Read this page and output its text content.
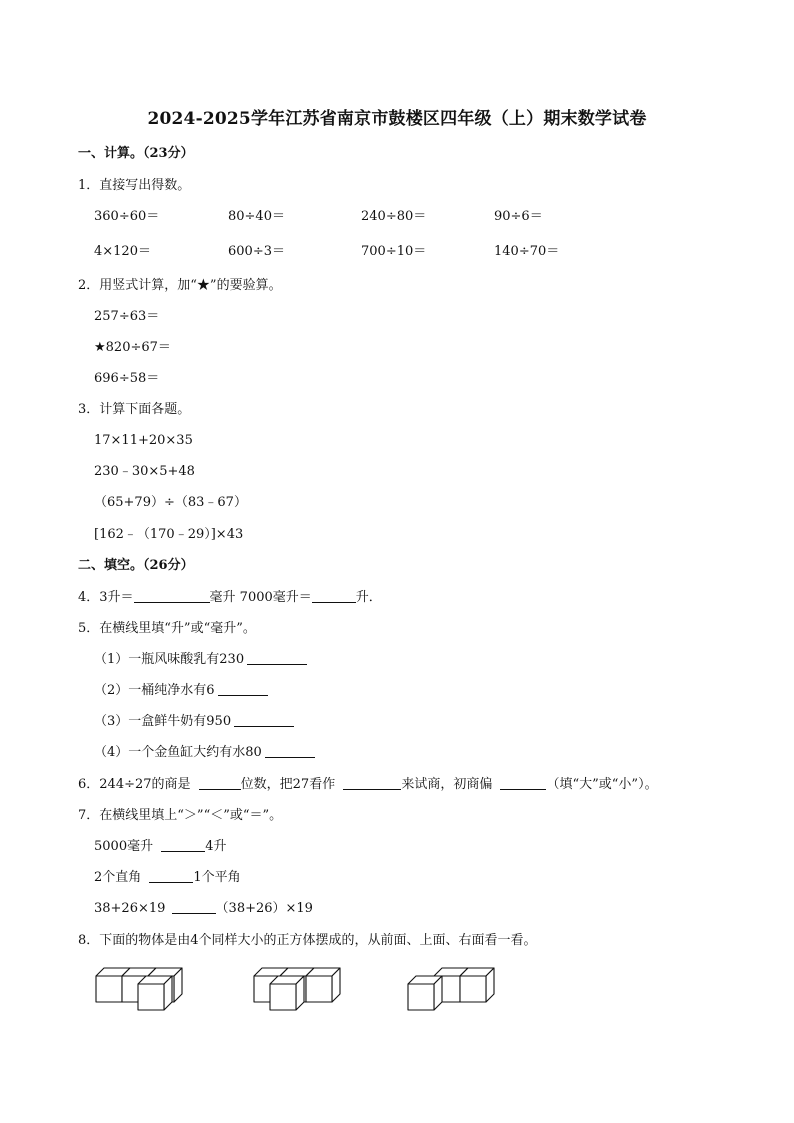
2024-2025学年江苏省南京市鼓楼区四年级（上）期末数学试卷
一、计算。（23分）
1．直接写出得数。
360÷60＝	80÷40＝	240÷80＝	90÷6＝
4×120＝	600÷3＝	700÷10＝	140÷70＝
2．用竖式计算，加“★”的要验算。
257÷63＝
★820÷67＝
696÷58＝
3．计算下面各题。
17×11+20×35
230﹣30×5+48
（65+79）÷（83﹣67）
[162﹣（170﹣29）]×43
二、填空。（26分）
4．3升＝	毫升 7000毫升＝	升．
5．在横线里填“升”或“毫升”。
（1）一瓶风味酸乳有230
（2）一桶纯净水有6
（3）一盒鲜牛奶有950
（4）一个金鱼缸大约有水80
6．244÷27的商是	位数，把27看作	来试商，初商偏	（填“大”或“小”）。
7．在横线里填上“＞”“＜”或“＝”。
5000毫升	4升
2个直角	1个平角
38+26×19	（38+26）×19
8．下面的物体是由4个同样大小的正方体摆成的，从前面、上面、右面看一看。
